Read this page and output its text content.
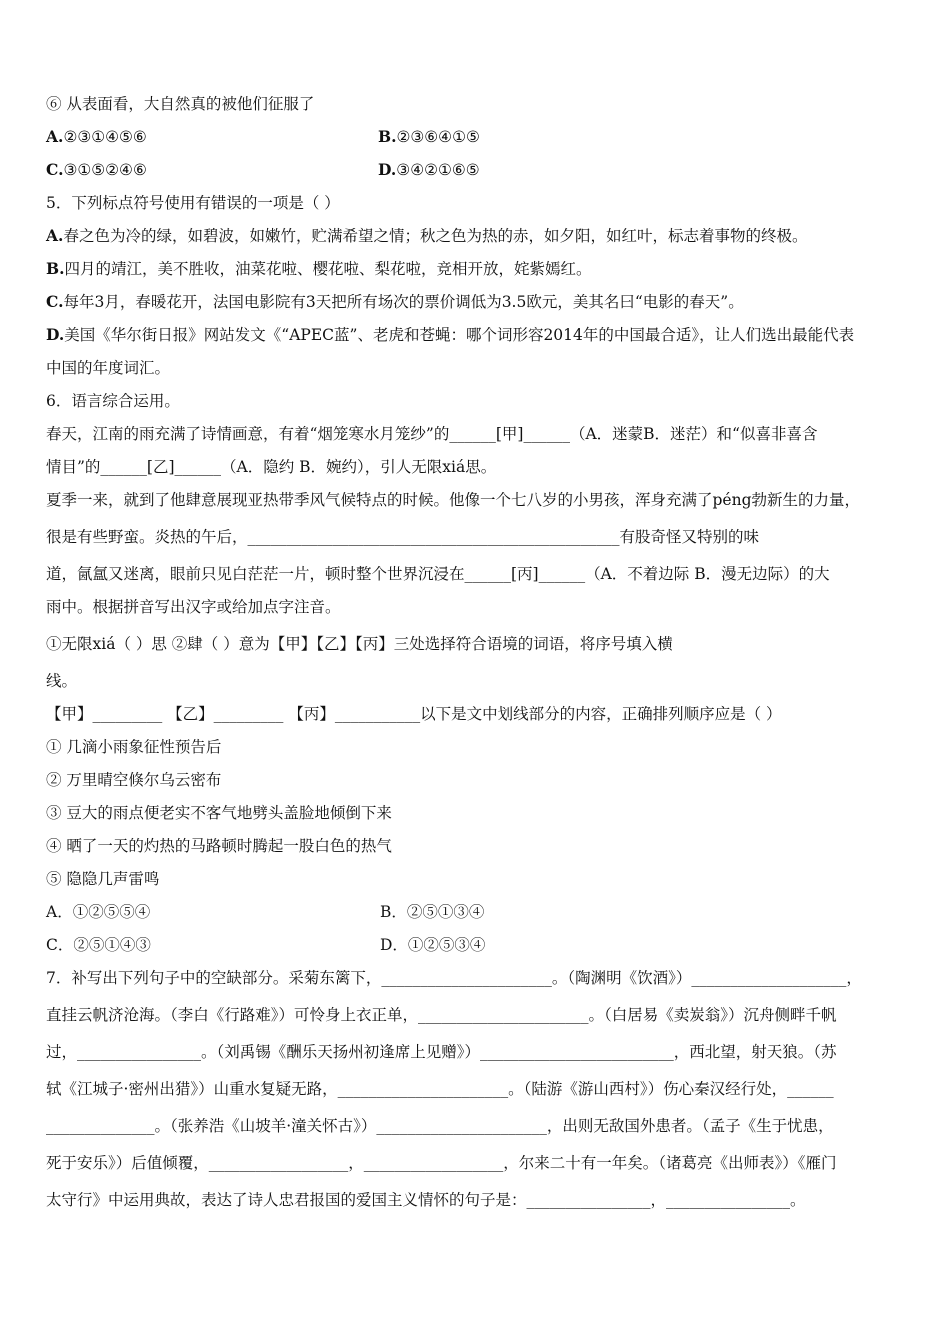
⑥ 从表面看，大自然真的被他们征服了
A.②③①④⑤⑥	B.②③⑥④①⑤
C.③①⑤②④⑥	D.③④②①⑥⑤
5．下列标点符号使用有错误的一项是（ ）
A.春之色为冷的绿，如碧波，如嫩竹，贮满希望之情；秋之色为热的赤，如夕阳，如红叶，标志着事物的终极。
B.四月的靖江，美不胜收，油菜花啦、樱花啦、梨花啦，竞相开放，姹紫嫣红。
C.每年3月，春暖花开，法国电影院有3天把所有场次的票价调低为3.5欧元，美其名曰“电影的春天”。
D.美国《华尔街日报》网站发文《“APEC蓝”、老虎和苍蝇：哪个词形容2014年的中国最合适》，让人们选出最能代表
中国的年度词汇。
6．语言综合运用。
春天，江南的雨充满了诗情画意，有着“烟笼寒水月笼纱”的______[甲]______（A．迷蒙B．迷茫）和“似喜非喜含
情目”的______[乙]______（A．隐约 B．婉约），引人无限xiá思。
夏季一来，就到了他肆意展现亚热带季风气候特点的时候。他像一个七八岁的小男孩，浑身充满了péng勃新生的力量，
很是有些野蛮。炎热的午后，________________________________________________有股奇怪又特别的味
道，氤氲又迷离，眼前只见白茫茫一片，顿时整个世界沉浸在______[丙]______（A．不着边际 B．漫无边际）的大
雨中。根据拼音写出汉字或给加点字注音。
①无限xiá（ ）思 ②肆（ ）意为【甲】【乙】【丙】三处选择符合语境的词语，将序号填入横
线。
【甲】_________ 【乙】_________ 【丙】___________以下是文中划线部分的内容，正确排列顺序应是（ ）
① 几滴小雨象征性预告后
② 万里晴空倏尔乌云密布
③ 豆大的雨点便老实不客气地劈头盖脸地倾倒下来
④ 晒了一天的灼热的马路顿时腾起一股白色的热气
⑤ 隐隐几声雷鸣
A．①②⑤⑤④	B．②⑤①③④
C．②⑤①④③	D．①②⑤③④
7．补写出下列句子中的空缺部分。采菊东篱下，______________________。（陶渊明《饮酒》）____________________，
直挂云帆济沧海。（李白《行路难》）可怜身上衣正单，______________________。（白居易《卖炭翁》）沉舟侧畔千帆
过，________________。（刘禹锡《酬乐天扬州初逢席上见赠》）_________________________，西北望，射天狼。（苏
轼《江城子·密州出猎》）山重水复疑无路，______________________。（陆游《游山西村》）伤心秦汉经行处，______
______________。（张养浩《山坡羊·潼关怀古》）______________________，出则无敌国外患者。（孟子《生于忧患，
死于安乐》）后值倾覆，__________________，__________________，尔来二十有一年矣。（诸葛亮《出师表》）《雁门
太守行》中运用典故，表达了诗人忠君报国的爱国主义情怀的句子是：________________，________________。
